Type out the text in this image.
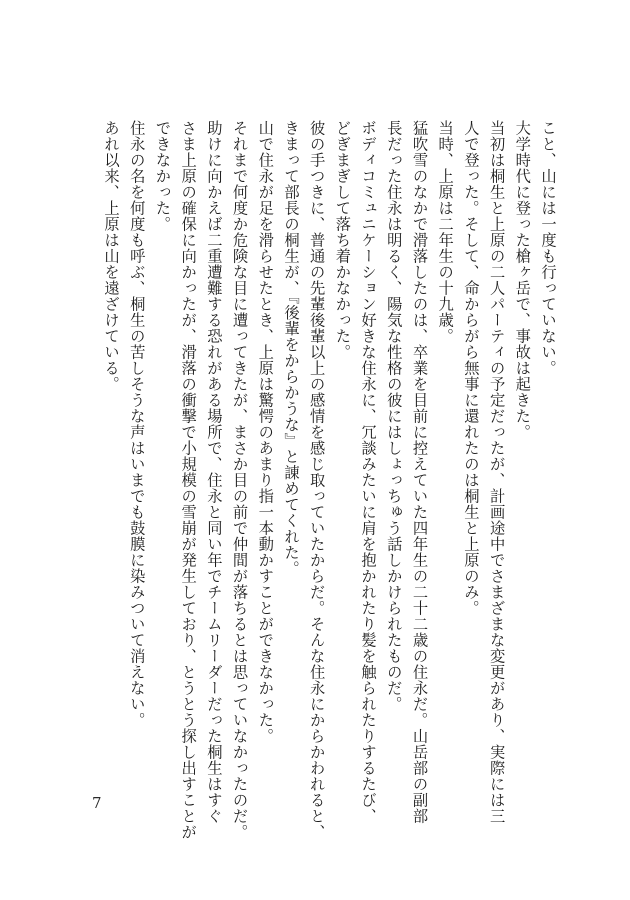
こと、山には一度も行っていない。
大学時代に登った槍ヶ岳で、事故は起きた。
当初は桐生と上原の二人パーティの予定だったが、計画途中でさまざまな変更があり、実際には三
人で登った。そして、命からがら無事に還れたのは桐生と上原のみ。
当時、上原は二年生の十九歳。
猛吹雪のなかで滑落したのは、卒業を目前に控えていた四年生の二十二歳の住永だ。山岳部の副部
長だった住永は明るく、陽気な性格の彼にはしょっちゅう話しかけられたものだ。
ボディコミュニケーション好きな住永に、冗談みたいに肩を抱かれたり髪を触られたりするたび、
どぎまぎして落ち着かなかった。
彼の手つきに、普通の先輩後輩以上の感情を感じ取っていたからだ。そんな住永にからかわれると、
きまって部長の桐生が、『後輩をからかうな』と諌めてくれた。
山で住永が足を滑らせたとき、上原は驚愕のあまり指一本動かすことができなかった。
それまで何度か危険な目に遭ってきたが、まさか目の前で仲間が落ちるとは思っていなかったのだ。
助けに向かえば二重遭難する恐れがある場所で、住永と同い年でチームリーダーだった桐生はすぐ
さま上原の確保に向かったが、滑落の衝撃で小規模の雪崩が発生しており、とうとう探し出すことが
できなかった。
住永の名を何度も呼ぶ、桐生の苦しそうな声はいまでも鼓膜に染みついて消えない。
あれ以来、上原は山を遠ざけている。
7
